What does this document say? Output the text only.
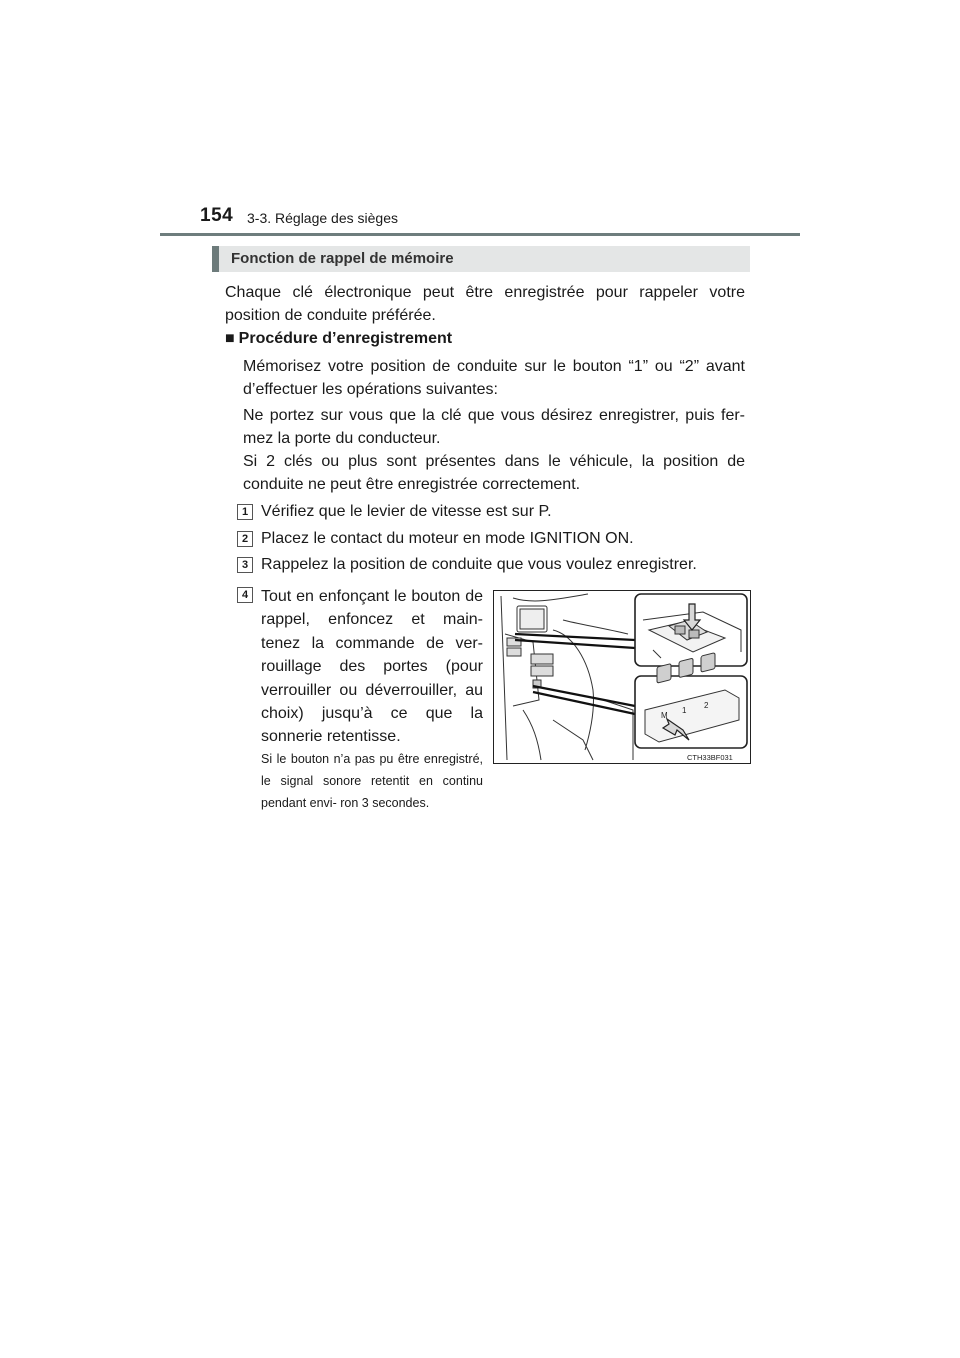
154 3-3. Réglage des sièges
Fonction de rappel de mémoire
Chaque clé électronique peut être enregistrée pour rappeler votre position de conduite préférée.
■ Procédure d’enregistrement
Mémorisez votre position de conduite sur le bouton “1” ou “2” avant d’effectuer les opérations suivantes:
Ne portez sur vous que la clé que vous désirez enregistrer, puis fer- mez la porte du conducteur.
Si 2 clés ou plus sont présentes dans le véhicule, la position de conduite ne peut être enregistrée correctement.
1 Vérifiez que le levier de vitesse est sur P.
2 Placez le contact du moteur en mode IGNITION ON.
3 Rappelez la position de conduite que vous voulez enregistrer.
4 Tout en enfonçant le bouton de rappel, enfoncez et main- tenez la commande de ver- rouillage des portes (pour verrouiller ou déverrouiller, au choix) jusqu’à ce que la sonnerie retentisse.
Si le bouton n’a pas pu être enregistré, le signal sonore retentit en continu pendant envi- ron 3 secondes.
M
1
2
CTH33BF031
